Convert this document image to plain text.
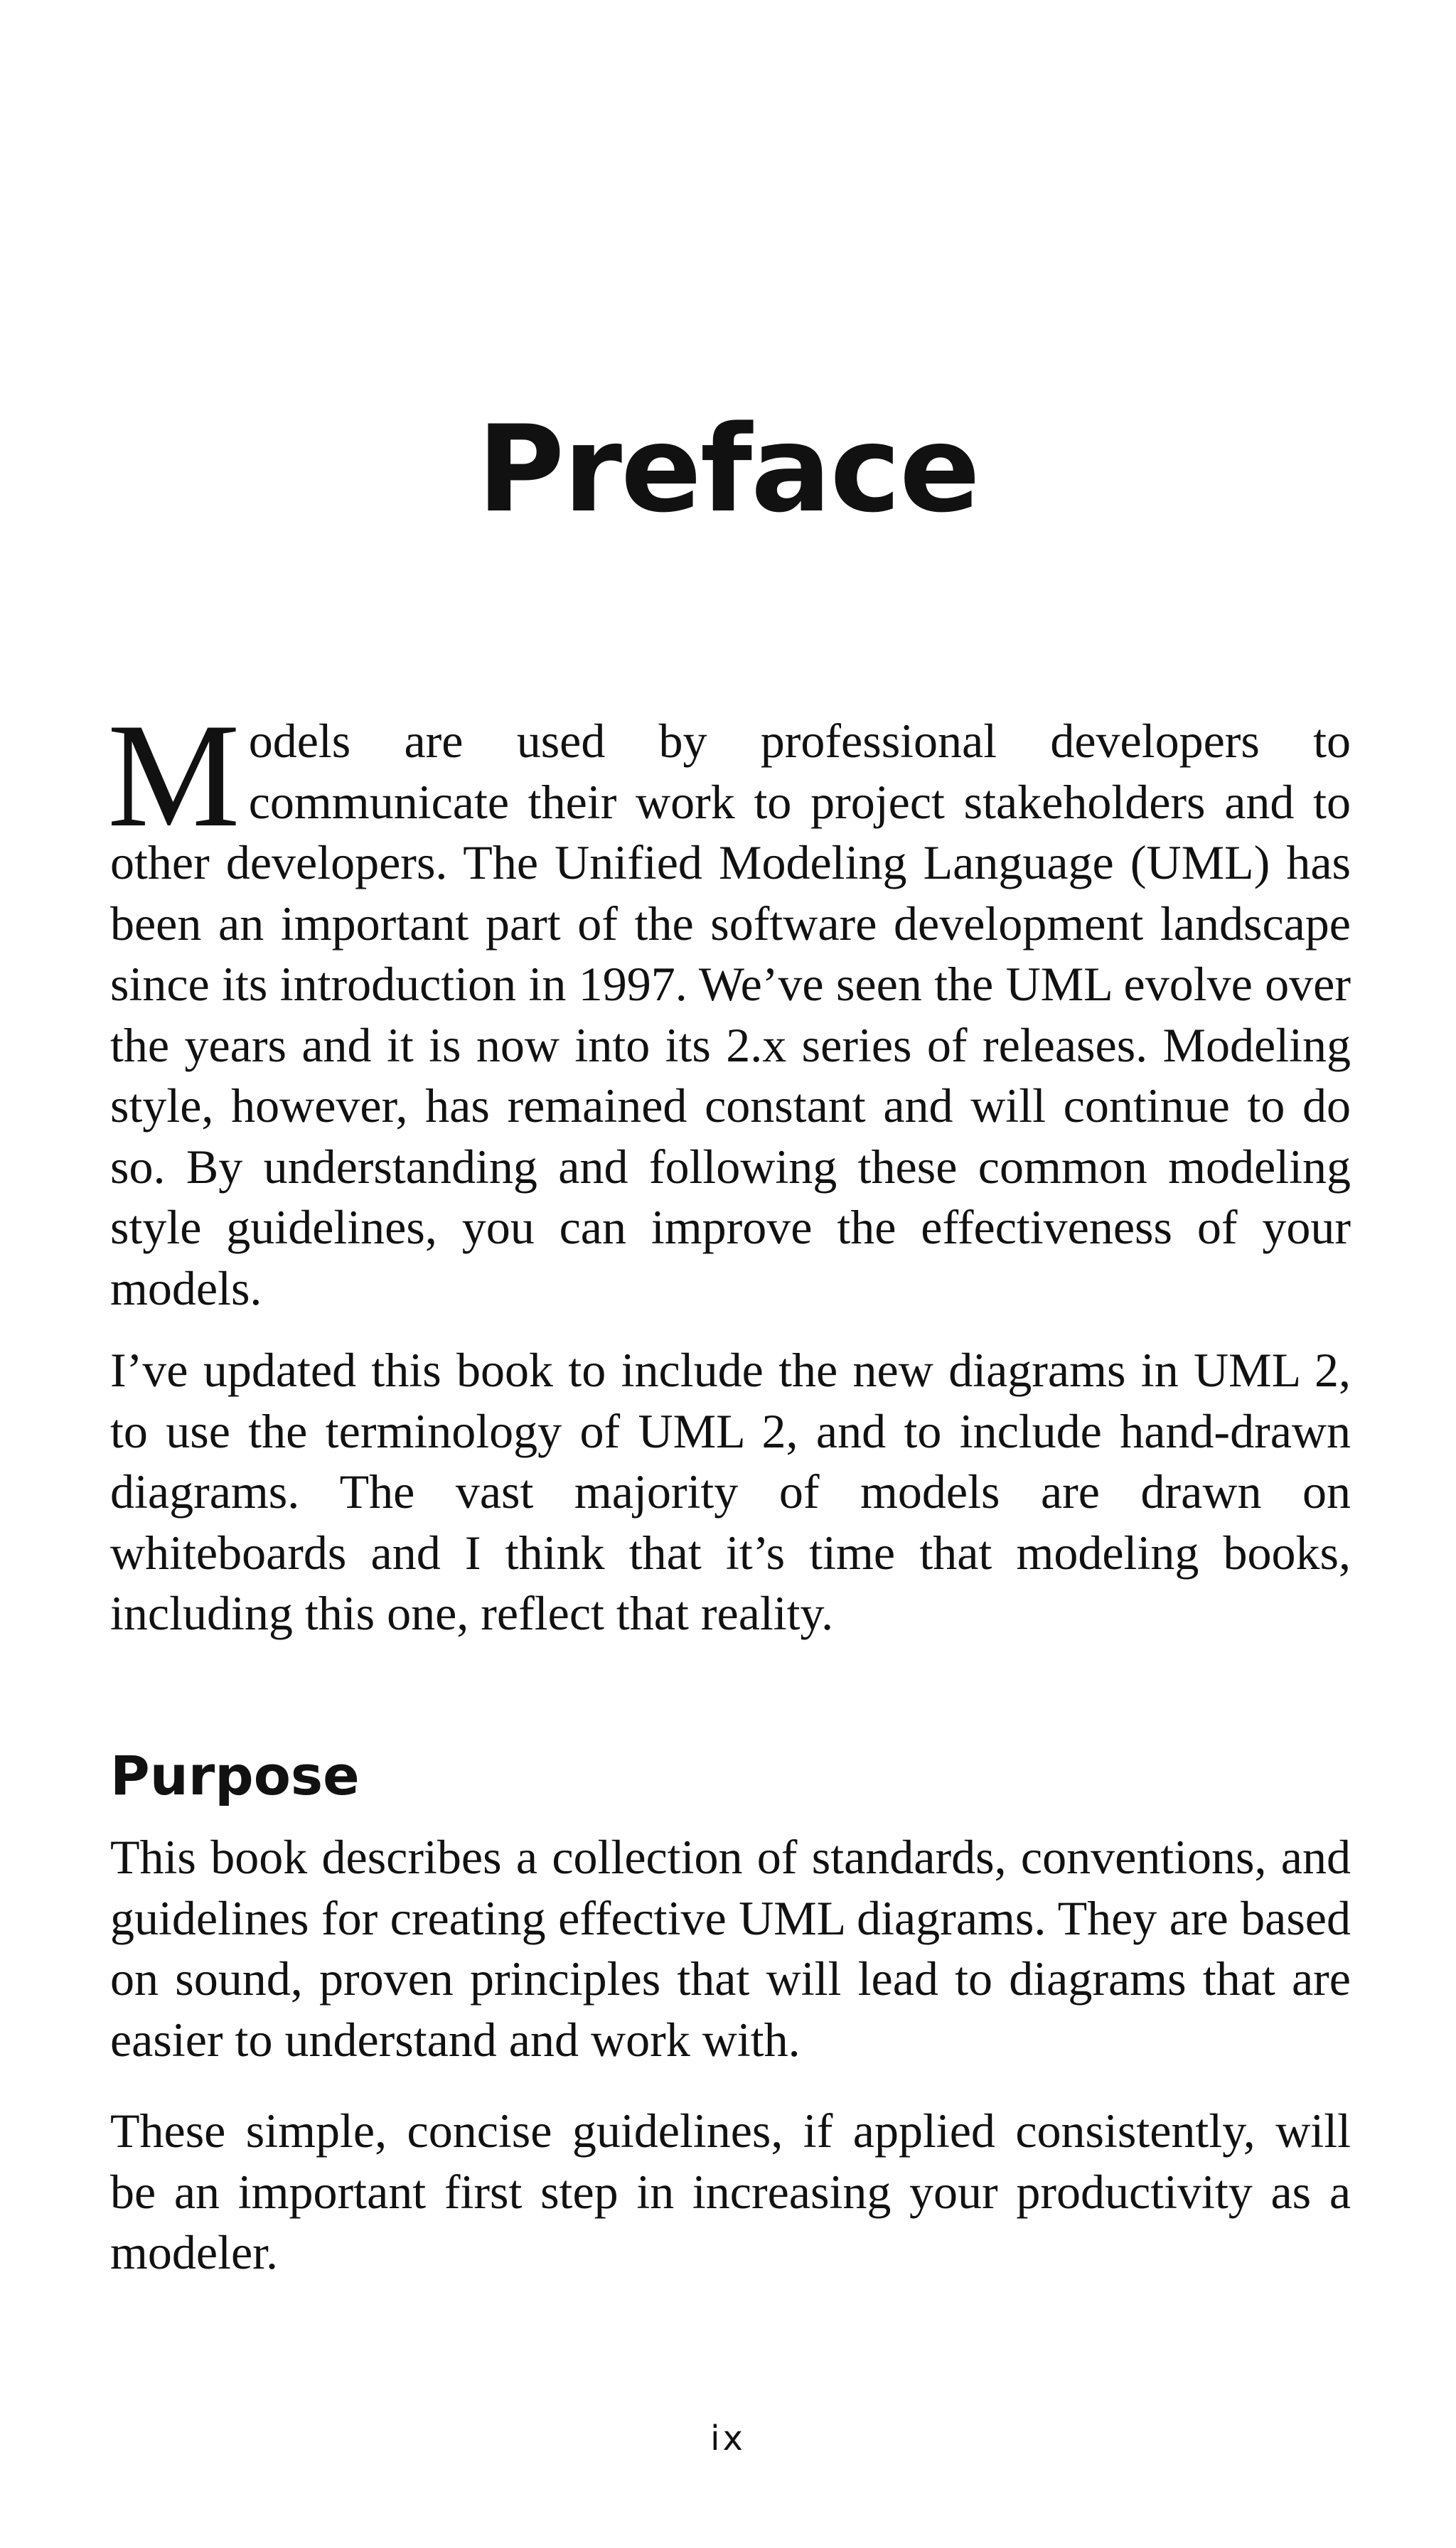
Preface

Models are used by professional developers to communicate their work to project stakeholders and to other developers. The Unified Modeling Language (UML) has been an important part of the software development landscape since its introduction in 1997. We’ve seen the UML evolve over the years and it is now into its 2.x series of releases. Modeling style, however, has remained constant and will continue to do so. By understanding and following these common modeling style guidelines, you can improve the effectiveness of your models.

I’ve updated this book to include the new diagrams in UML 2, to use the terminology of UML 2, and to include hand-drawn diagrams. The vast majority of models are drawn on whiteboards and I think that it’s time that modeling books, including this one, reflect that reality.

Purpose

This book describes a collection of standards, conventions, and guidelines for creating effective UML diagrams. They are based on sound, proven principles that will lead to diagrams that are easier to understand and work with.

These simple, concise guidelines, if applied consistently, will be an important first step in increasing your productivity as a modeler.

ix
